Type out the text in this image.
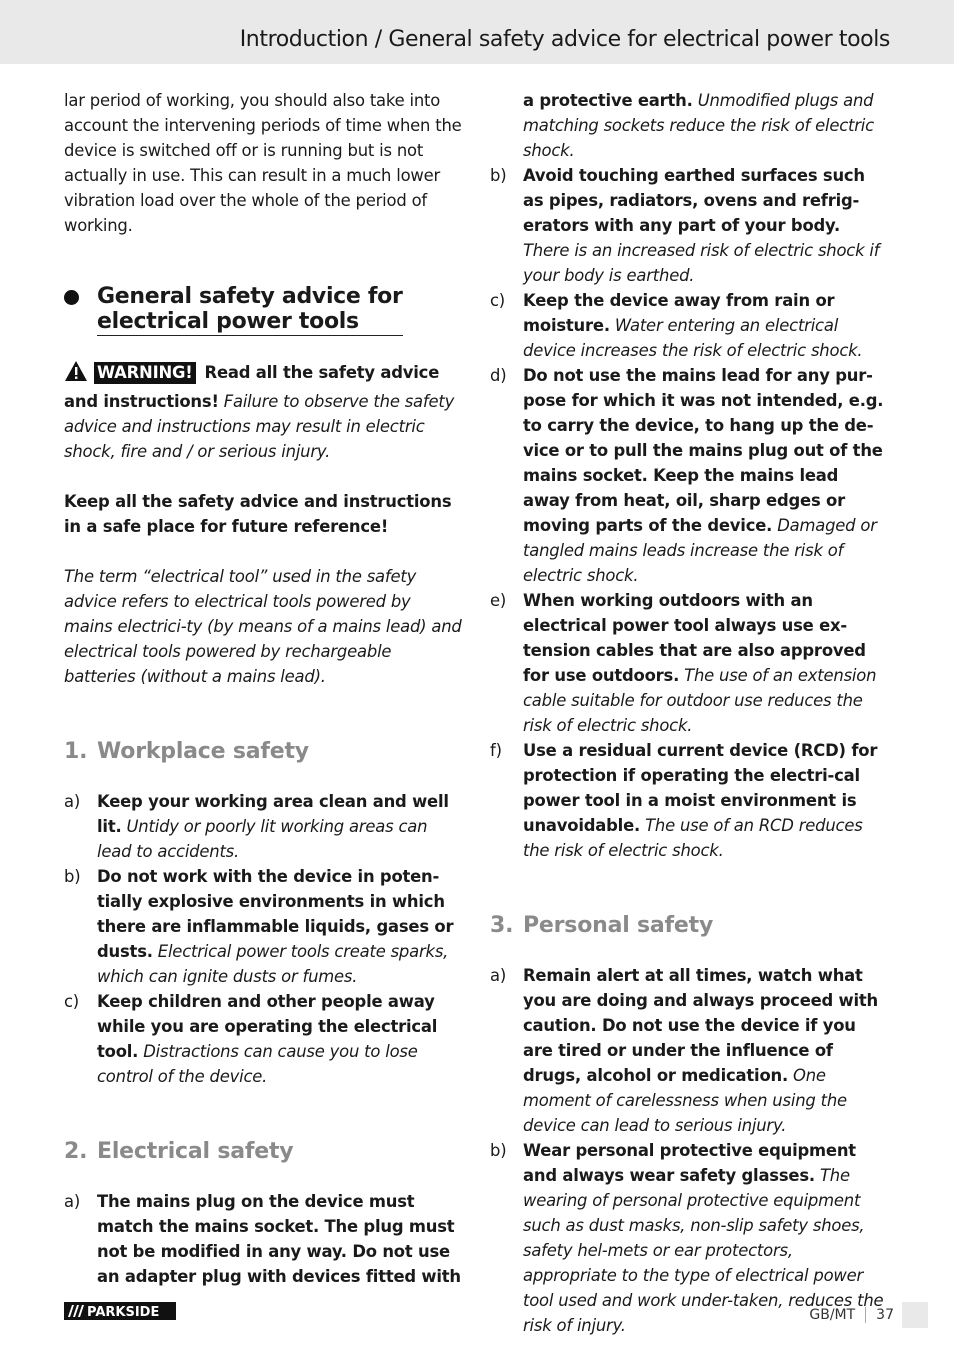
Introduction / General safety advice for electrical power tools

lar period of working, you should also take into account the intervening periods of time when the device is switched off or is running but is not actually in use. This can result in a much lower vibration load over the whole of the period of working.

General safety advice for
electrical power tools

WARNING! Read all the safety advice and instructions! Failure to observe the safety advice and instructions may result in electric shock, fire and / or serious injury.

Keep all the safety advice and instructions in a safe place for future reference!

The term “electrical tool” used in the safety advice refers to electrical tools powered by mains electrici-ty (by means of a mains lead) and electrical tools powered by rechargeable batteries (without a mains lead).

1. Workplace safety
a) Keep your working area clean and well lit. Untidy or poorly lit working areas can lead to accidents.
b) Do not work with the device in poten-tially explosive environments in which there are inflammable liquids, gases or dusts. Electrical power tools create sparks, which can ignite dusts or fumes.
c) Keep children and other people away while you are operating the electrical tool. Distractions can cause you to lose control of the device.
2. Electrical safety
a) The mains plug on the device must match the mains socket. The plug must not be modified in any way. Do not use an adapter plug with devices fitted with
a protective earth. Unmodified plugs and matching sockets reduce the risk of electric shock.
b) Avoid touching earthed surfaces such as pipes, radiators, ovens and refrig-erators with any part of your body. There is an increased risk of electric shock if your body is earthed.
c) Keep the device away from rain or moisture. Water entering an electrical device increases the risk of electric shock.
d) Do not use the mains lead for any pur-pose for which it was not intended, e.g. to carry the device, to hang up the de-vice or to pull the mains plug out of the mains socket. Keep the mains lead away from heat, oil, sharp edges or moving parts of the device. Damaged or tangled mains leads increase the risk of electric shock.
e) When working outdoors with an electrical power tool always use ex-tension cables that are also approved for use outdoors. The use of an extension cable suitable for outdoor use reduces the risk of electric shock.
f) Use a residual current device (RCD) for protection if operating the electri-cal power tool in a moist environment is unavoidable. The use of an RCD reduces the risk of electric shock.
3. Personal safety
a) Remain alert at all times, watch what you are doing and always proceed with caution. Do not use the device if you are tired or under the influence of drugs, alcohol or medication. One moment of carelessness when using the device can lead to serious injury.
b) Wear personal protective equipment and always wear safety glasses. The wearing of personal protective equipment such as dust masks, non-slip safety shoes, safety hel-mets or ear protectors, appropriate to the type of electrical power tool used and work under-taken, reduces the risk of injury.
PARKSIDE	GB/MT	37
